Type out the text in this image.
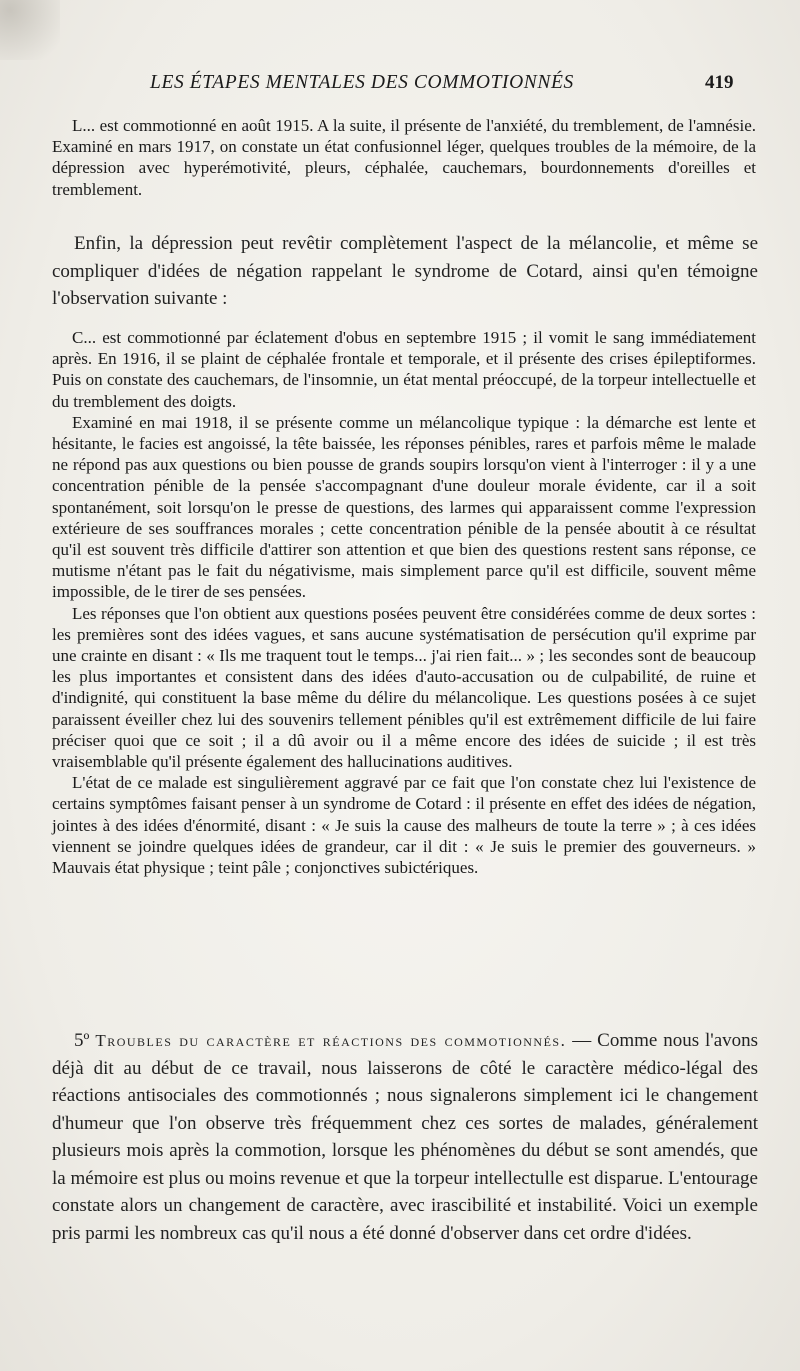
LES ÉTAPES MENTALES DES COMMOTIONNÉS	419

L... est commotionné en août 1915. A la suite, il présente de l'anxiété, du tremblement, de l'amnésie. Examiné en mars 1917, on constate un état confusionnel léger, quelques troubles de la mémoire, de la dépression avec hyperémotivité, pleurs, céphalée, cauchemars, bourdonnements d'oreilles et tremblement.

Enfin, la dépression peut revêtir complètement l'aspect de la mélancolie, et même se compliquer d'idées de négation rappelant le syndrome de Cotard, ainsi qu'en témoigne l'observation suivante :

C... est commotionné par éclatement d'obus en septembre 1915 ; il vomit le sang immédiatement après. En 1916, il se plaint de céphalée frontale et temporale, et il présente des crises épileptiformes. Puis on constate des cauchemars, de l'insomnie, un état mental préoccupé, de la torpeur intellectuelle et du tremblement des doigts.

Examiné en mai 1918, il se présente comme un mélancolique typique : la démarche est lente et hésitante, le facies est angoissé, la tête baissée, les réponses pénibles, rares et parfois même le malade ne répond pas aux questions ou bien pousse de grands soupirs lorsqu'on vient à l'interroger : il y a une concentration pénible de la pensée s'accompagnant d'une douleur morale évidente, car il a soit spontanément, soit lorsqu'on le presse de questions, des larmes qui apparaissent comme l'expression extérieure de ses souffrances morales ; cette concentration pénible de la pensée aboutit à ce résultat qu'il est souvent très difficile d'attirer son attention et que bien des questions restent sans réponse, ce mutisme n'étant pas le fait du négativisme, mais simplement parce qu'il est difficile, souvent même impossible, de le tirer de ses pensées.

Les réponses que l'on obtient aux questions posées peuvent être considérées comme de deux sortes : les premières sont des idées vagues, et sans aucune systématisation de persécution qu'il exprime par une crainte en disant : « Ils me traquent tout le temps... j'ai rien fait... » ; les secondes sont de beaucoup les plus importantes et consistent dans des idées d'auto-accusation ou de culpabilité, de ruine et d'indignité, qui constituent la base même du délire du mélancolique. Les questions posées à ce sujet paraissent éveiller chez lui des souvenirs tellement pénibles qu'il est extrêmement difficile de lui faire préciser quoi que ce soit ; il a dû avoir ou il a même encore des idées de suicide ; il est très vraisemblable qu'il présente également des hallucinations auditives.

L'état de ce malade est singulièrement aggravé par ce fait que l'on constate chez lui l'existence de certains symptômes faisant penser à un syndrome de Cotard : il présente en effet des idées de négation, jointes à des idées d'énormité, disant : « Je suis la cause des malheurs de toute la terre » ; à ces idées viennent se joindre quelques idées de grandeur, car il dit : « Je suis le premier des gouverneurs. » Mauvais état physique ; teint pâle ; conjonctives subictériques.

5º Troubles du caractère et réactions des commotionnés. — Comme nous l'avons déjà dit au début de ce travail, nous laisserons de côté le caractère médico-légal des réactions antisociales des commotionnés ; nous signalerons simplement ici le changement d'humeur que l'on observe très fréquemment chez ces sortes de malades, généralement plusieurs mois après la commotion, lorsque les phénomènes du début se sont amendés, que la mémoire est plus ou moins revenue et que la torpeur intellectulle est disparue. L'entourage constate alors un changement de caractère, avec irascibilité et instabilité. Voici un exemple pris parmi les nombreux cas qu'il nous a été donné d'observer dans cet ordre d'idées.
